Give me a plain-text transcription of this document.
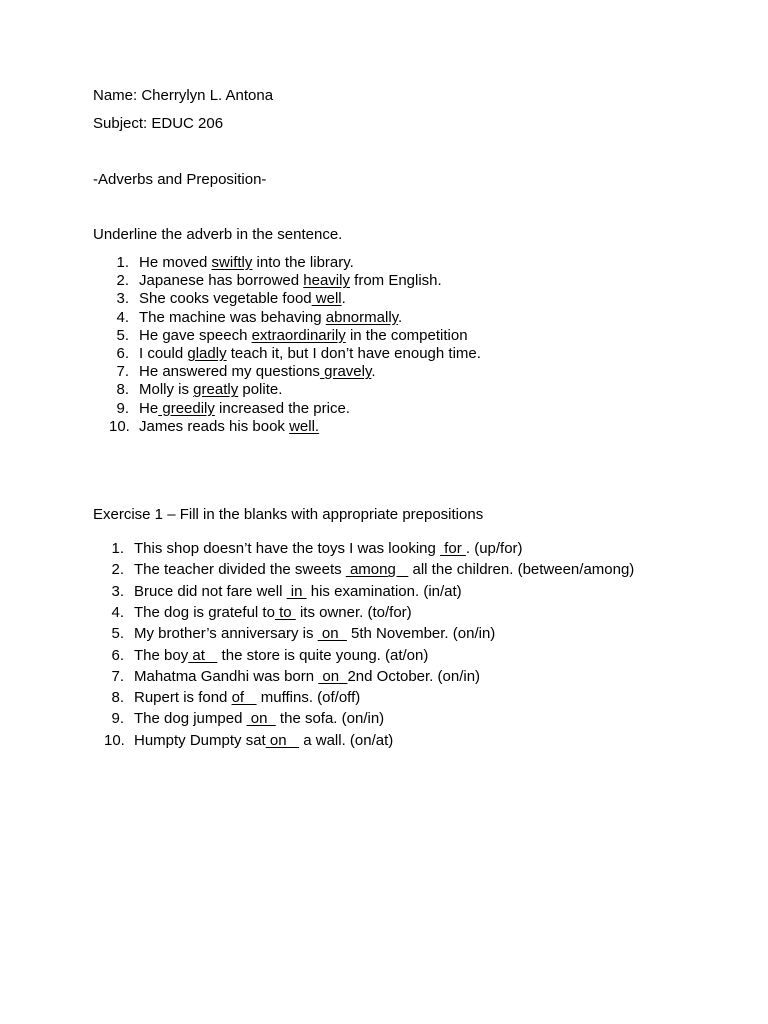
Name: Cherrylyn L. Antona
Subject: EDUC 206
-Adverbs and Preposition-
Underline the adverb in the sentence.
1. He moved swiftly into the library.
2. Japanese has borrowed heavily from English.
3. She cooks vegetable food well.
4. The machine was behaving abnormally.
5. He gave speech extraordinarily in the competition
6. I could gladly teach it, but I don’t have enough time.
7. He answered my questions gravely.
8. Molly is greatly polite.
9. He greedily increased the price.
10. James reads his book well.
Exercise 1 – Fill in the blanks with appropriate prepositions
1. This shop doesn’t have the toys I was looking  for . (up/for)
2. The teacher divided the sweets  among    all the children. (between/among)
3. Bruce did not fare well  in  his examination. (in/at)
4. The dog is grateful to to  its owner. (to/for)
5. My brother’s anniversary is  on   5th November. (on/in)
6. The boy at    the store is quite young. (at/on)
7. Mahatma Gandhi was born  on  2nd October. (on/in)
8. Rupert is fond of    muffins. (of/off)
9. The dog jumped  on   the sofa. (on/in)
10. Humpty Dumpty sat on    a wall. (on/at)
